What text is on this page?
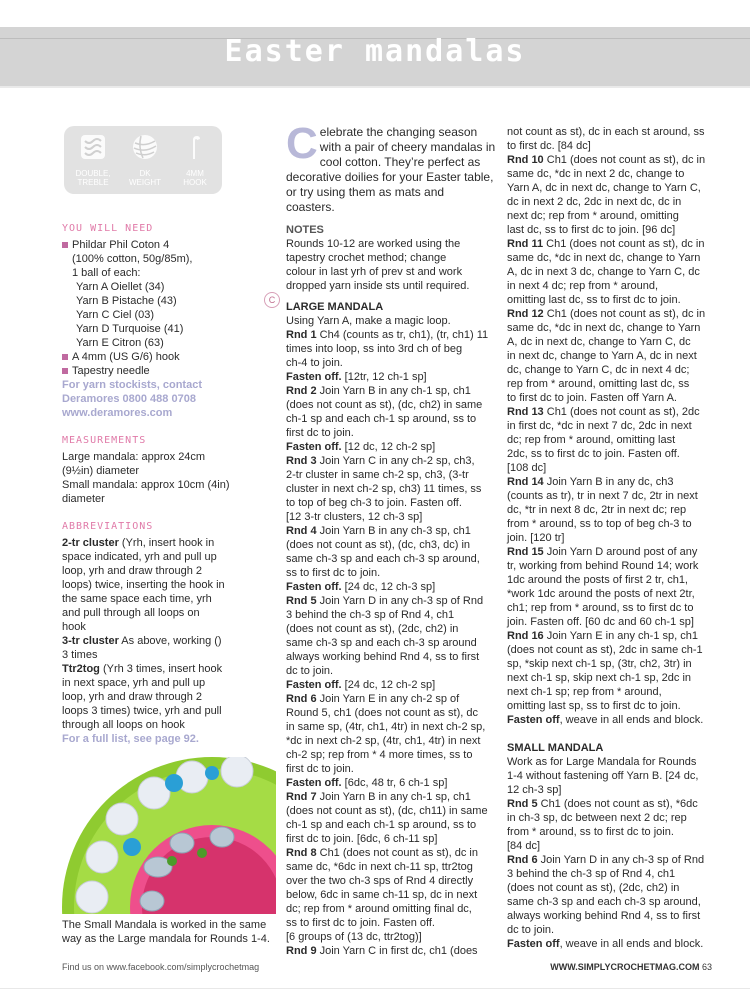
Easter mandalas
DOUBLE,
TREBLE
DK
WEIGHT
4MM
HOOK
YOU WILL NEED
Phildar Phil Coton 4
(100% cotton, 50g/85m),
1 ball of each:
Yarn A Oiellet (34)
Yarn B Pistache (43)
Yarn C Ciel (03)
Yarn D Turquoise (41)
Yarn E Citron (63)
A 4mm (US G/6) hook
Tapestry needle
For yarn stockists, contact
Deramores 0800 488 0708
www.deramores.com
MEASUREMENTS
Large mandala: approx 24cm
(9½in) diameter
Small mandala: approx 10cm (4in)
diameter
ABBREVIATIONS
2-tr cluster (Yrh, insert hook in
space indicated, yrh and pull up
loop, yrh and draw through 2
loops) twice, inserting the hook in
the same space each time, yrh
and pull through all loops on
hook
3-tr cluster As above, working ()
3 times
Ttr2tog (Yrh 3 times, insert hook
in next space, yrh and pull up
loop, yrh and draw through 2
loops 3 times) twice, yrh and pull
through all loops on hook
For a full list, see page 92.
The Small Mandala is worked in the same
way as the Large mandala for Rounds 1-4.
C elebrate the changing season
with a pair of cheery mandalas in
cool cotton. They’re perfect as
decorative doilies for your Easter table,
or try using them as mats and coasters.
NOTES
Rounds 10-12 are worked using the
tapestry crochet method; change
colour in last yrh of prev st and work
dropped yarn inside sts until required.
LARGE MANDALA
Using Yarn A, make a magic loop.
Rnd 1 Ch4 (counts as tr, ch1), (tr, ch1) 11
times into loop, ss into 3rd ch of beg
ch-4 to join.
Fasten off. [12tr, 12 ch-1 sp]
Rnd 2 Join Yarn B in any ch-1 sp, ch1
(does not count as st), (dc, ch2) in same
ch-1 sp and each ch-1 sp around, ss to
first dc to join.
Fasten off. [12 dc, 12 ch-2 sp]
Rnd 3 Join Yarn C in any ch-2 sp, ch3,
2-tr cluster in same ch-2 sp, ch3, (3-tr
cluster in next ch-2 sp, ch3) 11 times, ss
to top of beg ch-3 to join. Fasten off.
[12 3-tr clusters, 12 ch-3 sp]
Rnd 4 Join Yarn B in any ch-3 sp, ch1
(does not count as st), (dc, ch3, dc) in
same ch-3 sp and each ch-3 sp around,
ss to first dc to join.
Fasten off. [24 dc, 12 ch-3 sp]
Rnd 5 Join Yarn D in any ch-3 sp of Rnd
3 behind the ch-3 sp of Rnd 4, ch1
(does not count as st), (2dc, ch2) in
same ch-3 sp and each ch-3 sp around
always working behind Rnd 4, ss to first
dc to join.
Fasten off. [24 dc, 12 ch-2 sp]
Rnd 6 Join Yarn E in any ch-2 sp of
Round 5, ch1 (does not count as st), dc
in same sp, (4tr, ch1, 4tr) in next ch-2 sp,
*dc in next ch-2 sp, (4tr, ch1, 4tr) in next
ch-2 sp; rep from * 4 more times, ss to
first dc to join.
Fasten off. [6dc, 48 tr, 6 ch-1 sp]
Rnd 7 Join Yarn B in any ch-1 sp, ch1
(does not count as st), (dc, ch11) in same
ch-1 sp and each ch-1 sp around, ss to
first dc to join. [6dc, 6 ch-11 sp]
Rnd 8 Ch1 (does not count as st), dc in
same dc, *6dc in next ch-11 sp, ttr2tog
over the two ch-3 sps of Rnd 4 directly
below, 6dc in same ch-11 sp, dc in next
dc; rep from * around omitting final dc,
ss to first dc to join. Fasten off.
[6 groups of (13 dc, ttr2tog)]
Rnd 9 Join Yarn C in first dc, ch1 (does
C
not count as st), dc in each st around, ss
to first dc. [84 dc]
Rnd 10 Ch1 (does not count as st), dc in
same dc, *dc in next 2 dc, change to
Yarn A, dc in next dc, change to Yarn C,
dc in next 2 dc, 2dc in next dc, dc in
next dc; rep from * around, omitting
last dc, ss to first dc to join. [96 dc]
Rnd 11 Ch1 (does not count as st), dc in
same dc, *dc in next dc, change to Yarn
A, dc in next 3 dc, change to Yarn C, dc
in next 4 dc; rep from * around,
omitting last dc, ss to first dc to join.
Rnd 12 Ch1 (does not count as st), dc in
same dc, *dc in next dc, change to Yarn
A, dc in next dc, change to Yarn C, dc
in next dc, change to Yarn A, dc in next
dc, change to Yarn C, dc in next 4 dc;
rep from * around, omitting last dc, ss
to first dc to join. Fasten off Yarn A.
Rnd 13 Ch1 (does not count as st), 2dc
in first dc, *dc in next 7 dc, 2dc in next
dc; rep from * around, omitting last
2dc, ss to first dc to join. Fasten off.
[108 dc]
Rnd 14 Join Yarn B in any dc, ch3
(counts as tr), tr in next 7 dc, 2tr in next
dc, *tr in next 8 dc, 2tr in next dc; rep
from * around, ss to top of beg ch-3 to
join. [120 tr]
Rnd 15 Join Yarn D around post of any
tr, working from behind Round 14; work
1dc around the posts of first 2 tr, ch1,
*work 1dc around the posts of next 2tr,
ch1; rep from * around, ss to first dc to
join. Fasten off. [60 dc and 60 ch-1 sp]
Rnd 16 Join Yarn E in any ch-1 sp, ch1
(does not count as st), 2dc in same ch-1
sp, *skip next ch-1 sp, (3tr, ch2, 3tr) in
next ch-1 sp, skip next ch-1 sp, 2dc in
next ch-1 sp; rep from * around,
omitting last sp, ss to first dc to join.
Fasten off, weave in all ends and block.
SMALL MANDALA
Work as for Large Mandala for Rounds
1-4 without fastening off Yarn B. [24 dc,
12 ch-3 sp]
Rnd 5 Ch1 (does not count as st), *6dc
in ch-3 sp, dc between next 2 dc; rep
from * around, ss to first dc to join.
[84 dc]
Rnd 6 Join Yarn D in any ch-3 sp of Rnd
3 behind the ch-3 sp of Rnd 4, ch1
(does not count as st), (2dc, ch2) in
same ch-3 sp and each ch-3 sp around,
always working behind Rnd 4, ss to first
dc to join.
Fasten off, weave in all ends and block.
Find us on www.facebook.com/simplycrochetmag	WWW.SIMPLYCROCHETMAG.COM 63
